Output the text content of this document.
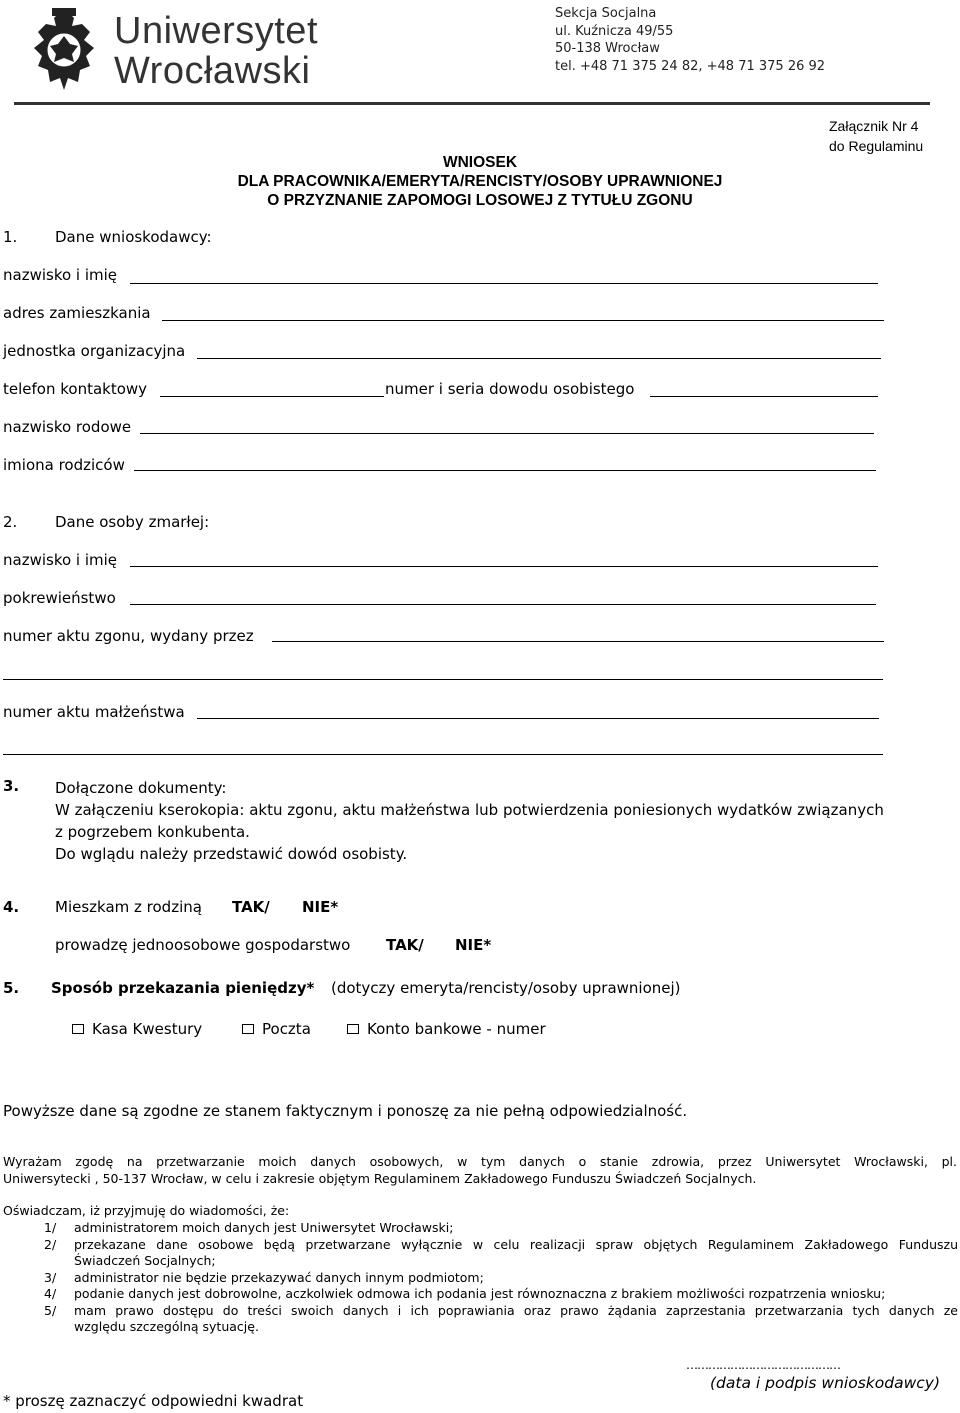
Uniwersytet
Wrocławski
Sekcja Socjalna
ul. Kuźnicza 49/55
50-138 Wrocław
tel. +48 71 375 24 82, +48 71 375 26 92
Załącznik Nr 4
do Regulaminu
WNIOSEK
DLA PRACOWNIKA/EMERYTA/RENCISTY/OSOBY UPRAWNIONEJ
O PRZYZNANIE ZAPOMOGI LOSOWEJ Z TYTUŁU ZGONU
1.	Dane wnioskodawcy:
nazwisko i imię
adres zamieszkania
jednostka organizacyjna
telefon kontaktowy	numer i seria dowodu osobistego
nazwisko rodowe
imiona rodziców
2.	Dane osoby zmarłej:
nazwisko i imię
pokrewieństwo
numer aktu zgonu, wydany przez
numer aktu małżeństwa
3. Dołączone dokumenty:
W załączeniu kserokopia: aktu zgonu, aktu małżeństwa lub potwierdzenia poniesionych wydatków związanych
z pogrzebem konkubenta.
Do wglądu należy przedstawić dowód osobisty.
4. Mieszkam z rodziną TAK/ NIE*
prowadzę jednoosobowe gospodarstwo TAK/ NIE*
5. Sposób przekazania pieniędzy* (dotyczy emeryta/rencisty/osoby uprawnionej)
Kasa Kwestury	Poczta	Konto bankowe - numer
Powyższe dane są zgodne ze stanem faktycznym i ponoszę za nie pełną odpowiedzialność.
Wyrażam zgodę na przetwarzanie moich danych osobowych, w tym danych o stanie zdrowia, przez Uniwersytet Wrocławski, pl.
Uniwersytecki , 50-137 Wrocław, w celu i zakresie objętym Regulaminem Zakładowego Funduszu Świadczeń Socjalnych.
Oświadczam, iż przyjmuję do wiadomości, że:
1/ administratorem moich danych jest Uniwersytet Wrocławski;
2/ przekazane dane osobowe będą przetwarzane wyłącznie w celu realizacji spraw objętych Regulaminem Zakładowego Funduszu
Świadczeń Socjalnych;
3/ administrator nie będzie przekazywać danych innym podmiotom;
4/ podanie danych jest dobrowolne, aczkolwiek odmowa ich podania jest równoznaczna z brakiem możliwości rozpatrzenia wniosku;
5/ mam prawo dostępu do treści swoich danych i ich poprawiania oraz prawo żądania zaprzestania przetwarzania tych danych ze
względu szczególną sytuację.
……………………………………
(data i podpis wnioskodawcy)
* proszę zaznaczyć odpowiedni kwadrat
